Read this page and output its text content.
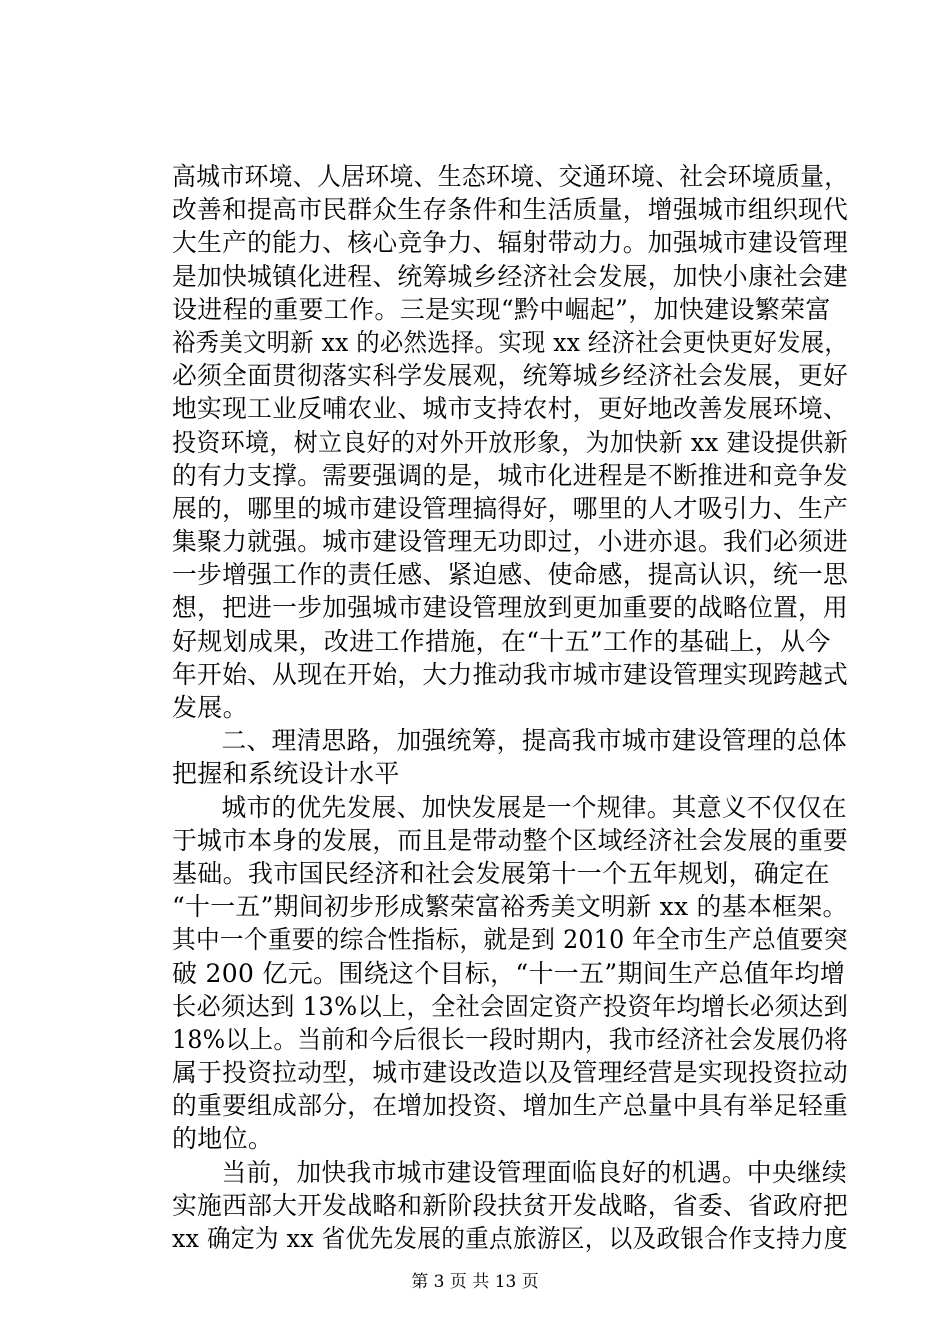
高城市环境、人居环境、生态环境、交通环境、社会环境质量，
改善和提高市民群众生存条件和生活质量，增强城市组织现代
大生产的能力、核心竞争力、辐射带动力。加强城市建设管理
是加快城镇化进程、统筹城乡经济社会发展，加快小康社会建
设进程的重要工作。三是实现“黔中崛起”，加快建设繁荣富
裕秀美文明新 xx 的必然选择。实现 xx 经济社会更快更好发展，
必须全面贯彻落实科学发展观，统筹城乡经济社会发展，更好
地实现工业反哺农业、城市支持农村，更好地改善发展环境、
投资环境，树立良好的对外开放形象，为加快新 xx 建设提供新
的有力支撑。需要强调的是，城市化进程是不断推进和竞争发
展的，哪里的城市建设管理搞得好，哪里的人才吸引力、生产
集聚力就强。城市建设管理无功即过，小进亦退。我们必须进
一步增强工作的责任感、紧迫感、使命感，提高认识，统一思
想，把进一步加强城市建设管理放到更加重要的战略位置，用
好规划成果，改进工作措施，在“十五”工作的基础上，从今
年开始、从现在开始，大力推动我市城市建设管理实现跨越式
发展。
二、理清思路，加强统筹，提高我市城市建设管理的总体
把握和系统设计水平
城市的优先发展、加快发展是一个规律。其意义不仅仅在
于城市本身的发展，而且是带动整个区域经济社会发展的重要
基础。我市国民经济和社会发展第十一个五年规划，确定在
“十一五”期间初步形成繁荣富裕秀美文明新 xx 的基本框架。
其中一个重要的综合性指标，就是到 2010 年全市生产总值要突
破 200 亿元。围绕这个目标，“十一五”期间生产总值年均增
长必须达到 13%以上，全社会固定资产投资年均增长必须达到
18%以上。当前和今后很长一段时期内，我市经济社会发展仍将
属于投资拉动型，城市建设改造以及管理经营是实现投资拉动
的重要组成部分，在增加投资、增加生产总量中具有举足轻重
的地位。
当前，加快我市城市建设管理面临良好的机遇。中央继续
实施西部大开发战略和新阶段扶贫开发战略，省委、省政府把
xx 确定为 xx 省优先发展的重点旅游区，以及政银合作支持力度
第 3 页 共 13 页
